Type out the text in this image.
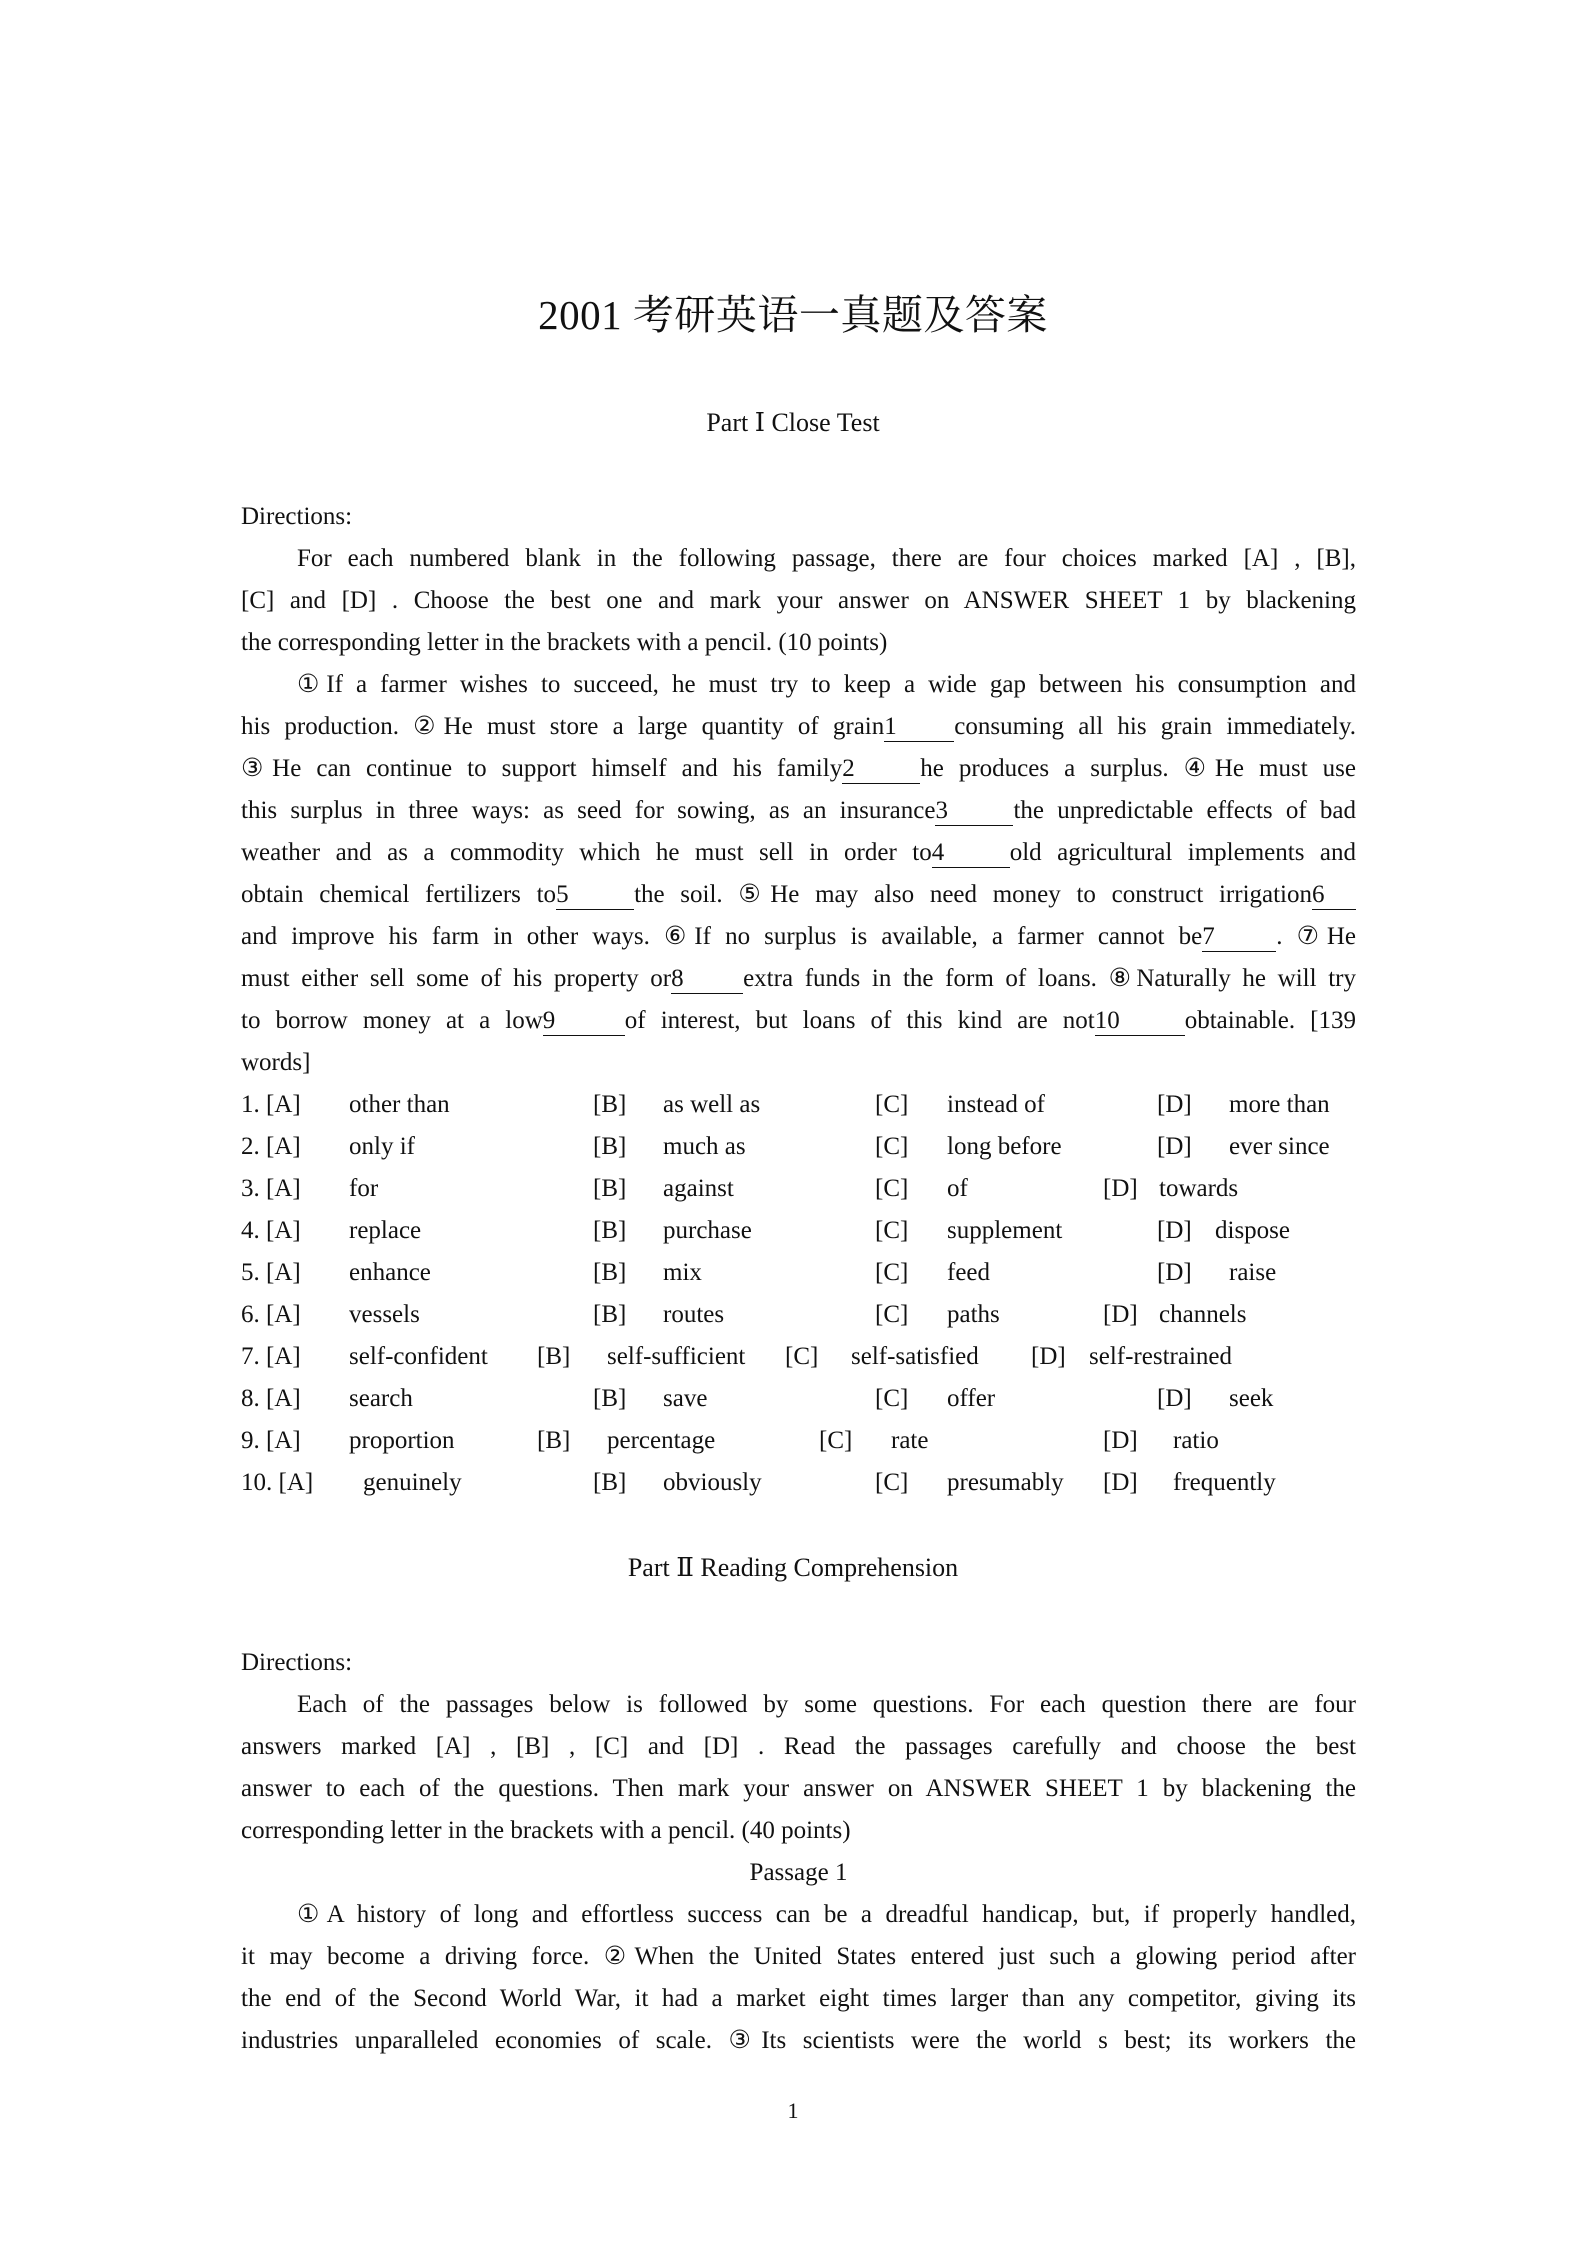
2001 考研英语一真题及答案
Part Ⅰ Close Test
Directions:
For each numbered blank in the following passage, there are four choices marked [A] , [B],
[C] and [D] . Choose the best one and mark your answer on ANSWER SHEET 1 by blackening
the corresponding letter in the brackets with a pencil. (10 points)
①If a farmer wishes to succeed, he must try to keep a wide gap between his consumption and
his production. ②He must store a large quantity of grain1 consuming all his grain immediately.
③He can continue to support himself and his family2	he produces a surplus. ④He must use
this surplus in three ways: as seed for sowing, as an insurance3	the unpredictable effects of bad
weather and as a commodity which he must sell in order to4	old agricultural implements and
obtain chemical fertilizers to5	the soil. ⑤He may also need money to construct irrigation6
and improve his farm in other ways. ⑥If no surplus is available, a farmer cannot be7 . ⑦He
must either sell some of his property or8 extra funds in the form of loans. ⑧Naturally he will try
to borrow money at a low9	of interest, but loans of this kind are not10	obtainable. [139
words]
1. [A] other than	[B] as well as	[C] instead of	[D] more than
2. [A] only if	[B] much as	[C] long before	[D] ever since
3. [A] for	[B] against	[C] of	[D] towards
4. [A] replace	[B] purchase	[C] supplement	[D] dispose
5. [A] enhance	[B] mix	[C] feed	[D] raise
6. [A] vessels	[B] routes	[C] paths	[D] channels
7. [A] self-confident [B] self-sufficient [C] self-satisfied [D] self-restrained
8. [A] search	[B] save	[C] offer	[D] seek
9. [A] proportion	[B] percentage	[C] rate	[D] ratio
10. [A] genuinely	[B] obviously	[C] presumably [D] frequently
Part Ⅱ Reading Comprehension
Directions:
Each of the passages below is followed by some questions. For each question there are four
answers marked [A] , [B] , [C] and [D] . Read the passages carefully and choose the best
answer to each of the questions. Then mark your answer on ANSWER SHEET 1 by blackening the
corresponding letter in the brackets with a pencil. (40 points)
Passage 1
①A history of long and effortless success can be a dreadful handicap, but, if properly handled,
it may become a driving force. ②When the United States entered just such a glowing period after
the end of the Second World War, it had a market eight times larger than any competitor, giving its
industries unparalleled economies of scale. ③Its scientists were the world s best; its workers the
1
